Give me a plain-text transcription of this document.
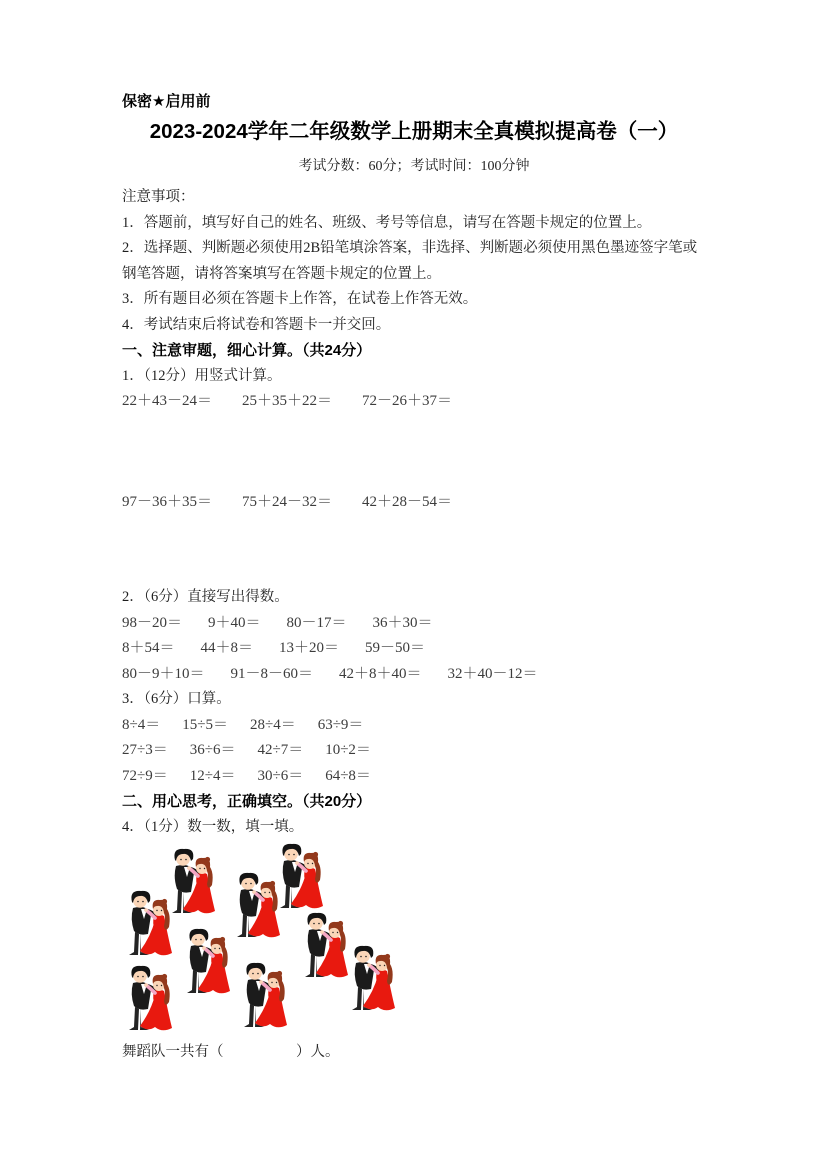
保密★启用前
2023-2024学年二年级数学上册期末全真模拟提高卷（一）
考试分数：60分；考试时间：100分钟
注意事项：
1．答题前，填写好自己的姓名、班级、考号等信息，请写在答题卡规定的位置上。
2．选择题、判断题必须使用2B铅笔填涂答案，非选择、判断题必须使用黑色墨迹签字笔或钢笔答题，请将答案填写在答题卡规定的位置上。
3．所有题目必须在答题卡上作答，在试卷上作答无效。
4．考试结束后将试卷和答题卡一并交回。
一、注意审题，细心计算。（共24分）
1．（12分）用竖式计算。
22＋43－24＝ 25＋35＋22＝ 72－26＋37＝
97－36＋35＝ 75＋24－32＝ 42＋28－54＝
2．（6分）直接写出得数。
98－20＝ 9＋40＝ 80－17＝ 36＋30＝
8＋54＝ 44＋8＝ 13＋20＝ 59－50＝
80－9＋10＝ 91－8－60＝ 42＋8＋40＝ 32＋40－12＝
3．（6分）口算。
8÷4＝ 15÷5＝ 28÷4＝ 63÷9＝
27÷3＝ 36÷6＝ 42÷7＝ 10÷2＝
72÷9＝ 12÷4＝ 30÷6＝ 64÷8＝
二、用心思考，正确填空。（共20分）
4．（1分）数一数，填一填。
舞蹈队一共有（　　　　　）人。
